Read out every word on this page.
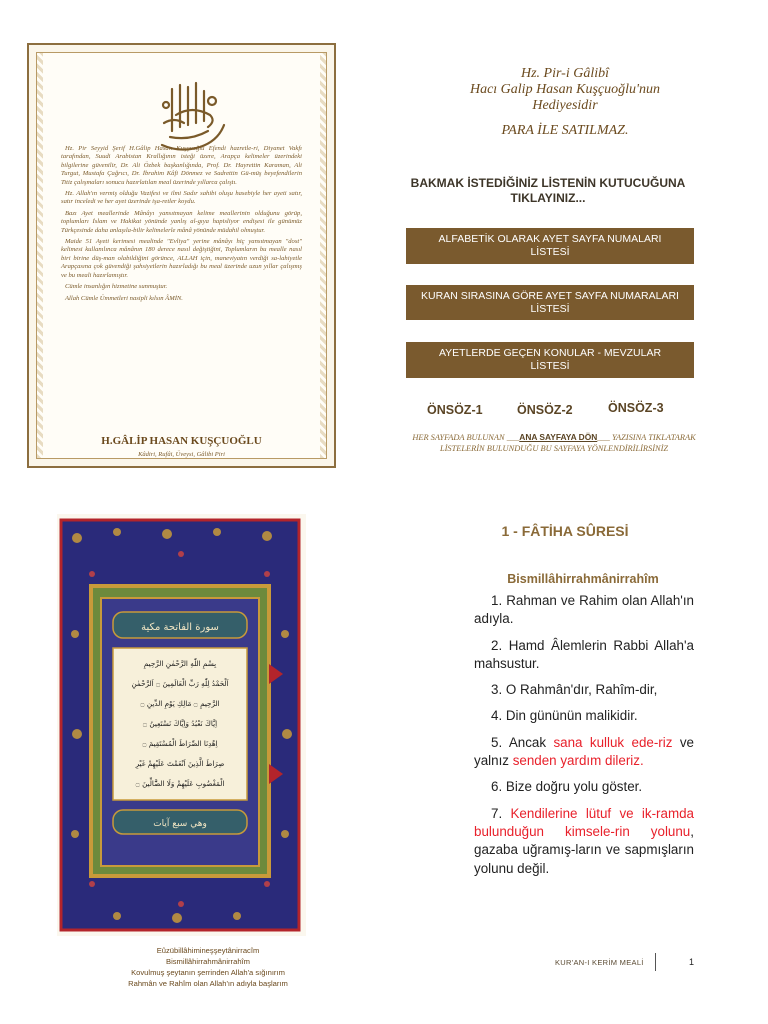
Hz. Pir Seyyid Şerif H.Gâlip Hasan Kuşçuoğlu Efendi hazretle-ri, Diyanet Vakfı tarafından, Suudi Arabistan Krallığının isteği üzere, Arapça kelimeler üzerindeki bilgilerine güvenilir, Dr. Ali Özbek başkanlığında, Prof. Dr. Hayrettin Karaman, Ali Turgut, Mustafa Çağrıcı, Dr. İbrahim Kâfi Dönmez ve Sadrettin Gü-müş beyefendilerin Titiz çalışmaları sonucu hazırlatılan meal üzerinde yıllarca çalıştı.

Hz. Allah'ın vermiş olduğu Vazifesi ve ilmi Sadır sahibi oluşu hasebiyle her ayeti satır, satır inceledi ve her ayet üzerinde işa-retler koydu.

Bazı Ayet meallerinde Mânâyı yansıtmayan kelime meallerinin olduğunu görüp, toplumları İslam ve Hakikat yönünde yanlış al-gıya hapisliyor endişesi ile günümüz Türkçesinde daha anlaşıla-bilir kelimelerle mânâ yönünde müdahil olmuştur.

Maide 51 Ayeti kerimesi mealinde "Evliya" yerine mânâyı hiç yansıtmayan "dost" kelimesi kullanılınca mânânın 180 derece nasıl değiştiğini, Toplumların bu mealle nasıl biri birine düş-man olabildiğini görünce, ALLAH için, maneviyatın verdiği sa-lahiyetle Arapçasına çok güvendiği şahsiyetlerin hazırladığı bu meal üzerinde uzun yıllar çalışmış ve bu meali hazırlamıştır.

Cümle insanlığın hizmetine sunmuştur.

Allah Cümle Ümmetleri nasipli kılsın ÂMİN.

H.GÂLİP HASAN KUŞÇUOĞLU
Kâdiri, Rufâi, Üveysi, Gâlibi Piri
Hz. Pir-i Gâlibî
Hacı Galip Hasan Kuşçuoğlu'nun
Hediyesidir
PARA İLE SATILMAZ.
BAKMAK İSTEDİĞİNİZ LİSTENİN KUTUCUĞUNA TIKLAYINIZ...
ALFABETİK OLARAK AYET SAYFA NUMALARI LİSTESİ
KURAN SIRASINA GÖRE AYET SAYFA NUMARALARI LİSTESİ
AYETLERDE GEÇEN KONULAR - MEVZULAR LİSTESİ
ÖNSÖZ-1	ÖNSÖZ-2	ÖNSÖZ-3
HER SAYFADA BULUNAN ___ANA SAYFAYA DÖN___ YAZISINA TIKLATARAK
LİSTELERİN BULUNDUĞU BU SAYFAYA YÖNLENDİRİLİRSİNİZ
سورة الفاتحة مكية
بِسْمِ اللّٰهِ الرَّحْمٰنِ الرَّحِيمِ
اَلْحَمْدُ لِلّٰهِ رَبِّ الْعَالَمِينَ ۝ اَلرَّحْمٰنِ
الرَّحِيمِ ۝ مَالِكِ يَوْمِ الدِّينِ ۝
اِيَّاكَ نَعْبُدُ وَاِيَّاكَ نَسْتَعِينُ ۝
اِهْدِنَا الصِّرَاطَ الْمُسْتَقِيمَ ۝
صِرَاطَ الَّذِينَ اَنْعَمْتَ عَلَيْهِمْ غَيْرِ
الْمَغْضُوبِ عَلَيْهِمْ وَلَا الضَّٓالِّينَ ۝
وهي سبع آيات
Eûzübillâhimineşşeytânirracîm
Bismillâhirrahmânirrahîm
Kovulmuş şeytanın şerrinden Allah'a sığınırım
Rahmân ve Rahîm olan Allah'ın adıyla başlarım
1 - FÂTİHA SÛRESİ
Bismillâhirrahmânirrahîm

1. Rahman ve Rahim olan Allah'ın adıyla.

2. Hamd Âlemlerin Rabbi Allah'a mahsustur.

3. O Rahmân'dır, Rahîm-dir,

4. Din gününün malikidir.

5. Ancak sana kulluk ede-riz ve yalnız senden yardım dileriz.

6. Bize doğru yolu göster.

7. Kendilerine lütuf ve ik-ramda bulunduğun kimsele-rin yolunu, gazaba uğramış-ların ve sapmışların yolunu değil.

KUR'AN-I KERİM MEALİ	1
